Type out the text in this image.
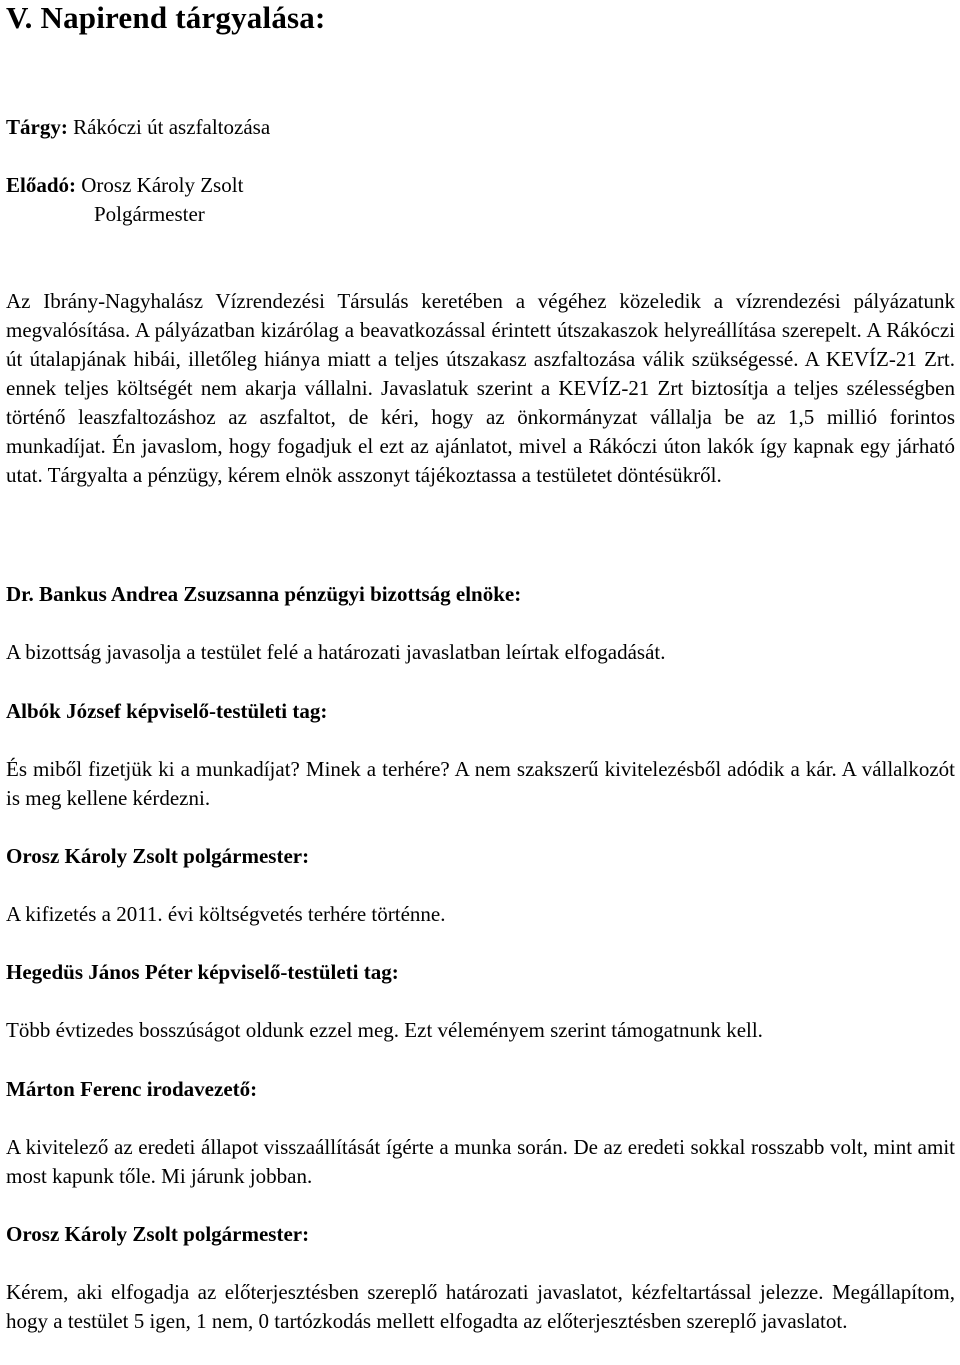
V. Napirend tárgyalása:

Tárgy: Rákóczi út aszfaltozása

Előadó: Orosz Károly Zsolt

Polgármester

Az Ibrány-Nagyhalász Vízrendezési Társulás keretében a végéhez közeledik a vízrendezési pályázatunk megvalósítása. A pályázatban kizárólag a beavatkozással érintett útszakaszok helyreállítása szerepelt. A Rákóczi út útalapjának hibái, illetőleg hiánya miatt a teljes útszakasz aszfaltozása válik szükségessé. A KEVÍZ-21 Zrt. ennek teljes költségét nem akarja vállalni. Javaslatuk szerint a KEVÍZ-21 Zrt biztosítja a teljes szélességben történő leaszfaltozáshoz az aszfaltot, de kéri, hogy az önkormányzat vállalja be az 1,5 millió forintos munkadíjat. Én javaslom, hogy fogadjuk el ezt az ajánlatot, mivel a Rákóczi úton lakók így kapnak egy járható utat. Tárgyalta a pénzügy, kérem elnök asszonyt tájékoztassa a testületet döntésükről.

Dr. Bankus Andrea Zsuzsanna pénzügyi bizottság elnöke:

A bizottság javasolja a testület felé a határozati javaslatban leírtak elfogadását.

Albók József képviselő-testületi tag:

És miből fizetjük ki a munkadíjat? Minek a terhére? A nem szakszerű kivitelezésből adódik a kár. A vállalkozót is meg kellene kérdezni.

Orosz Károly Zsolt polgármester:

A kifizetés a 2011. évi költségvetés terhére történne.

Hegedüs János Péter képviselő-testületi tag:

Több évtizedes bosszúságot oldunk ezzel meg. Ezt véleményem szerint támogatnunk kell.

Márton Ferenc irodavezető:

A kivitelező az eredeti állapot visszaállítását ígérte a munka során. De az eredeti sokkal rosszabb volt, mint amit most kapunk tőle. Mi járunk jobban.

Orosz Károly Zsolt polgármester:

Kérem, aki elfogadja az előterjesztésben szereplő határozati javaslatot, kézfeltartással jelezze. Megállapítom, hogy a testület 5 igen, 1 nem, 0 tartózkodás mellett elfogadta az előterjesztésben szereplő javaslatot.
